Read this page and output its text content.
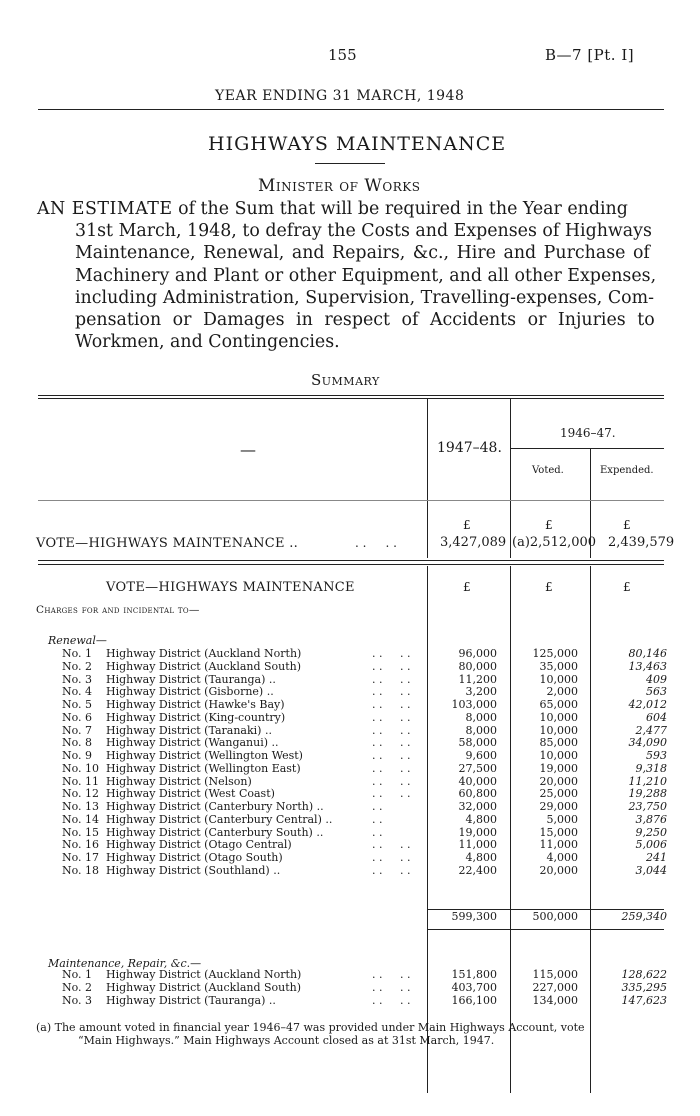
155	B—7 [Pt. I]
YEAR ENDING 31 MARCH, 1948
HIGHWAYS MAINTENANCE
Minister of Works
AN ESTIMATE of the Sum that will be required in the Year ending
31st March, 1948, to defray the Costs and Expenses of Highways
Maintenance, Renewal, and Repairs, &c., Hire and Purchase of
Machinery and Plant or other Equipment, and all other Expenses,
including Administration, Supervision, Travelling-expenses, Com-
pensation or Damages in respect of Accidents or Injuries to
Workmen, and Contingencies.
Summary
—	1947–48.
1946–47.
Voted.	Expended.
£	£	£
VOTE—HIGHWAYS MAINTENANCE ..	. .     . .	3,427,089 (a)2,512,000 2,439,579
VOTE—HIGHWAYS MAINTENANCE	£	£	£
Charges for and incidental to—
Renewal—
No. 1 Highway District (Auckland North)	. .     . .	96,000	125,000	80,146
No. 2 Highway District (Auckland South)	. .     . .	80,000	35,000	13,463
No. 3 Highway District (Tauranga) ..	. .     . .	11,200	10,000	409
No. 4 Highway District (Gisborne) ..	. .     . .	3,200	2,000	563
No. 5 Highway District (Hawke's Bay)	. .     . .	103,000	65,000	42,012
No. 6 Highway District (King-country)	. .     . .	8,000	10,000	604
No. 7 Highway District (Taranaki) ..	. .     . .	8,000	10,000	2,477
No. 8 Highway District (Wanganui) ..	. .     . .	58,000	85,000	34,090
No. 9 Highway District (Wellington West)	. .     . .	9,600	10,000	593
No. 10 Highway District (Wellington East)	. .     . .	27,500	19,000	9,318
No. 11 Highway District (Nelson)	. .     . .	40,000	20,000	11,210
No. 12 Highway District (West Coast)	. .     . .	60,800	25,000	19,288
No. 13 Highway District (Canterbury North) ..	. .	32,000	29,000	23,750
No. 14 Highway District (Canterbury Central) ..	. .	4,800	5,000	3,876
No. 15 Highway District (Canterbury South) ..	. .	19,000	15,000	9,250
No. 16 Highway District (Otago Central)	. .     . .	11,000	11,000	5,006
No. 17 Highway District (Otago South)	. .     . .	4,800	4,000	241
No. 18 Highway District (Southland) ..	. .     . .	22,400	20,000	3,044
599,300	500,000	259,340
Maintenance, Repair, &c.—
No. 1 Highway District (Auckland North)	. .     . .	151,800	115,000	128,622
No. 2 Highway District (Auckland South)	. .     . .	403,700	227,000	335,295
No. 3 Highway District (Tauranga) ..	. .     . .	166,100	134,000	147,623
(a) The amount voted in financial year 1946–47 was provided under Main Highways Account, vote
“Main Highways.” Main Highways Account closed as at 31st March, 1947.
